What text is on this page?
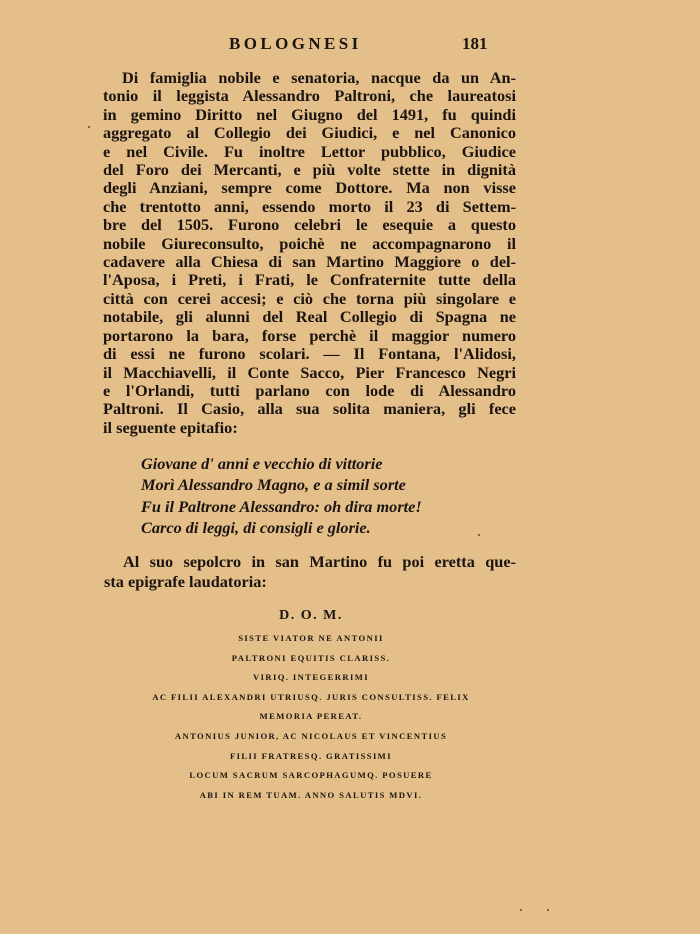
BOLOGNESI	181
Di famiglia nobile e senatoria, nacque da un An-
tonio il leggista Alessandro Paltroni, che laureatosi
in gemino Diritto nel Giugno del 1491, fu quindi
aggregato al Collegio dei Giudici, e nel Canonico
e nel Civile. Fu inoltre Lettor pubblico, Giudice
del Foro dei Mercanti, e più volte stette in dignità
degli Anziani, sempre come Dottore. Ma non visse
che trentotto anni, essendo morto il 23 di Settem-
bre del 1505. Furono celebri le esequie a questo
nobile Giureconsulto, poichè ne accompagnarono il
cadavere alla Chiesa di san Martino Maggiore o del-
l'Aposa, i Preti, i Frati, le Confraternite tutte della
città con cerei accesi; e ciò che torna più singolare e
notabile, gli alunni del Real Collegio di Spagna ne
portarono la bara, forse perchè il maggior numero
di essi ne furono scolari. — Il Fontana, l'Alidosi,
il Macchiavelli, il Conte Sacco, Pier Francesco Negri
e l'Orlandi, tutti parlano con lode di Alessandro
Paltroni. Il Casio, alla sua solita maniera, gli fece
il seguente epitafio:
Giovane d' anni e vecchio di vittorie
Morì Alessandro Magno, e a simil sorte
Fu il Paltrone Alessandro: oh dira morte!
Carco di leggi, di consigli e glorie.
Al suo sepolcro in san Martino fu poi eretta que-
sta epigrafe laudatoria:
D. O. M.
SISTE VIATOR NE ANTONII
PALTRONI EQUITIS CLARISS.
VIRIQ. INTEGERRIMI
AC FILII ALEXANDRI UTRIUSQ. JURIS CONSULTISS. FELIX
MEMORIA PEREAT.
ANTONIUS JUNIOR, AC NICOLAUS ET VINCENTIUS
FILII FRATRESQ. GRATISSIMI
LOCUM SACRUM SARCOPHAGUMQ. POSUERE
ABI IN REM TUAM. ANNO SALUTIS MDVI.
